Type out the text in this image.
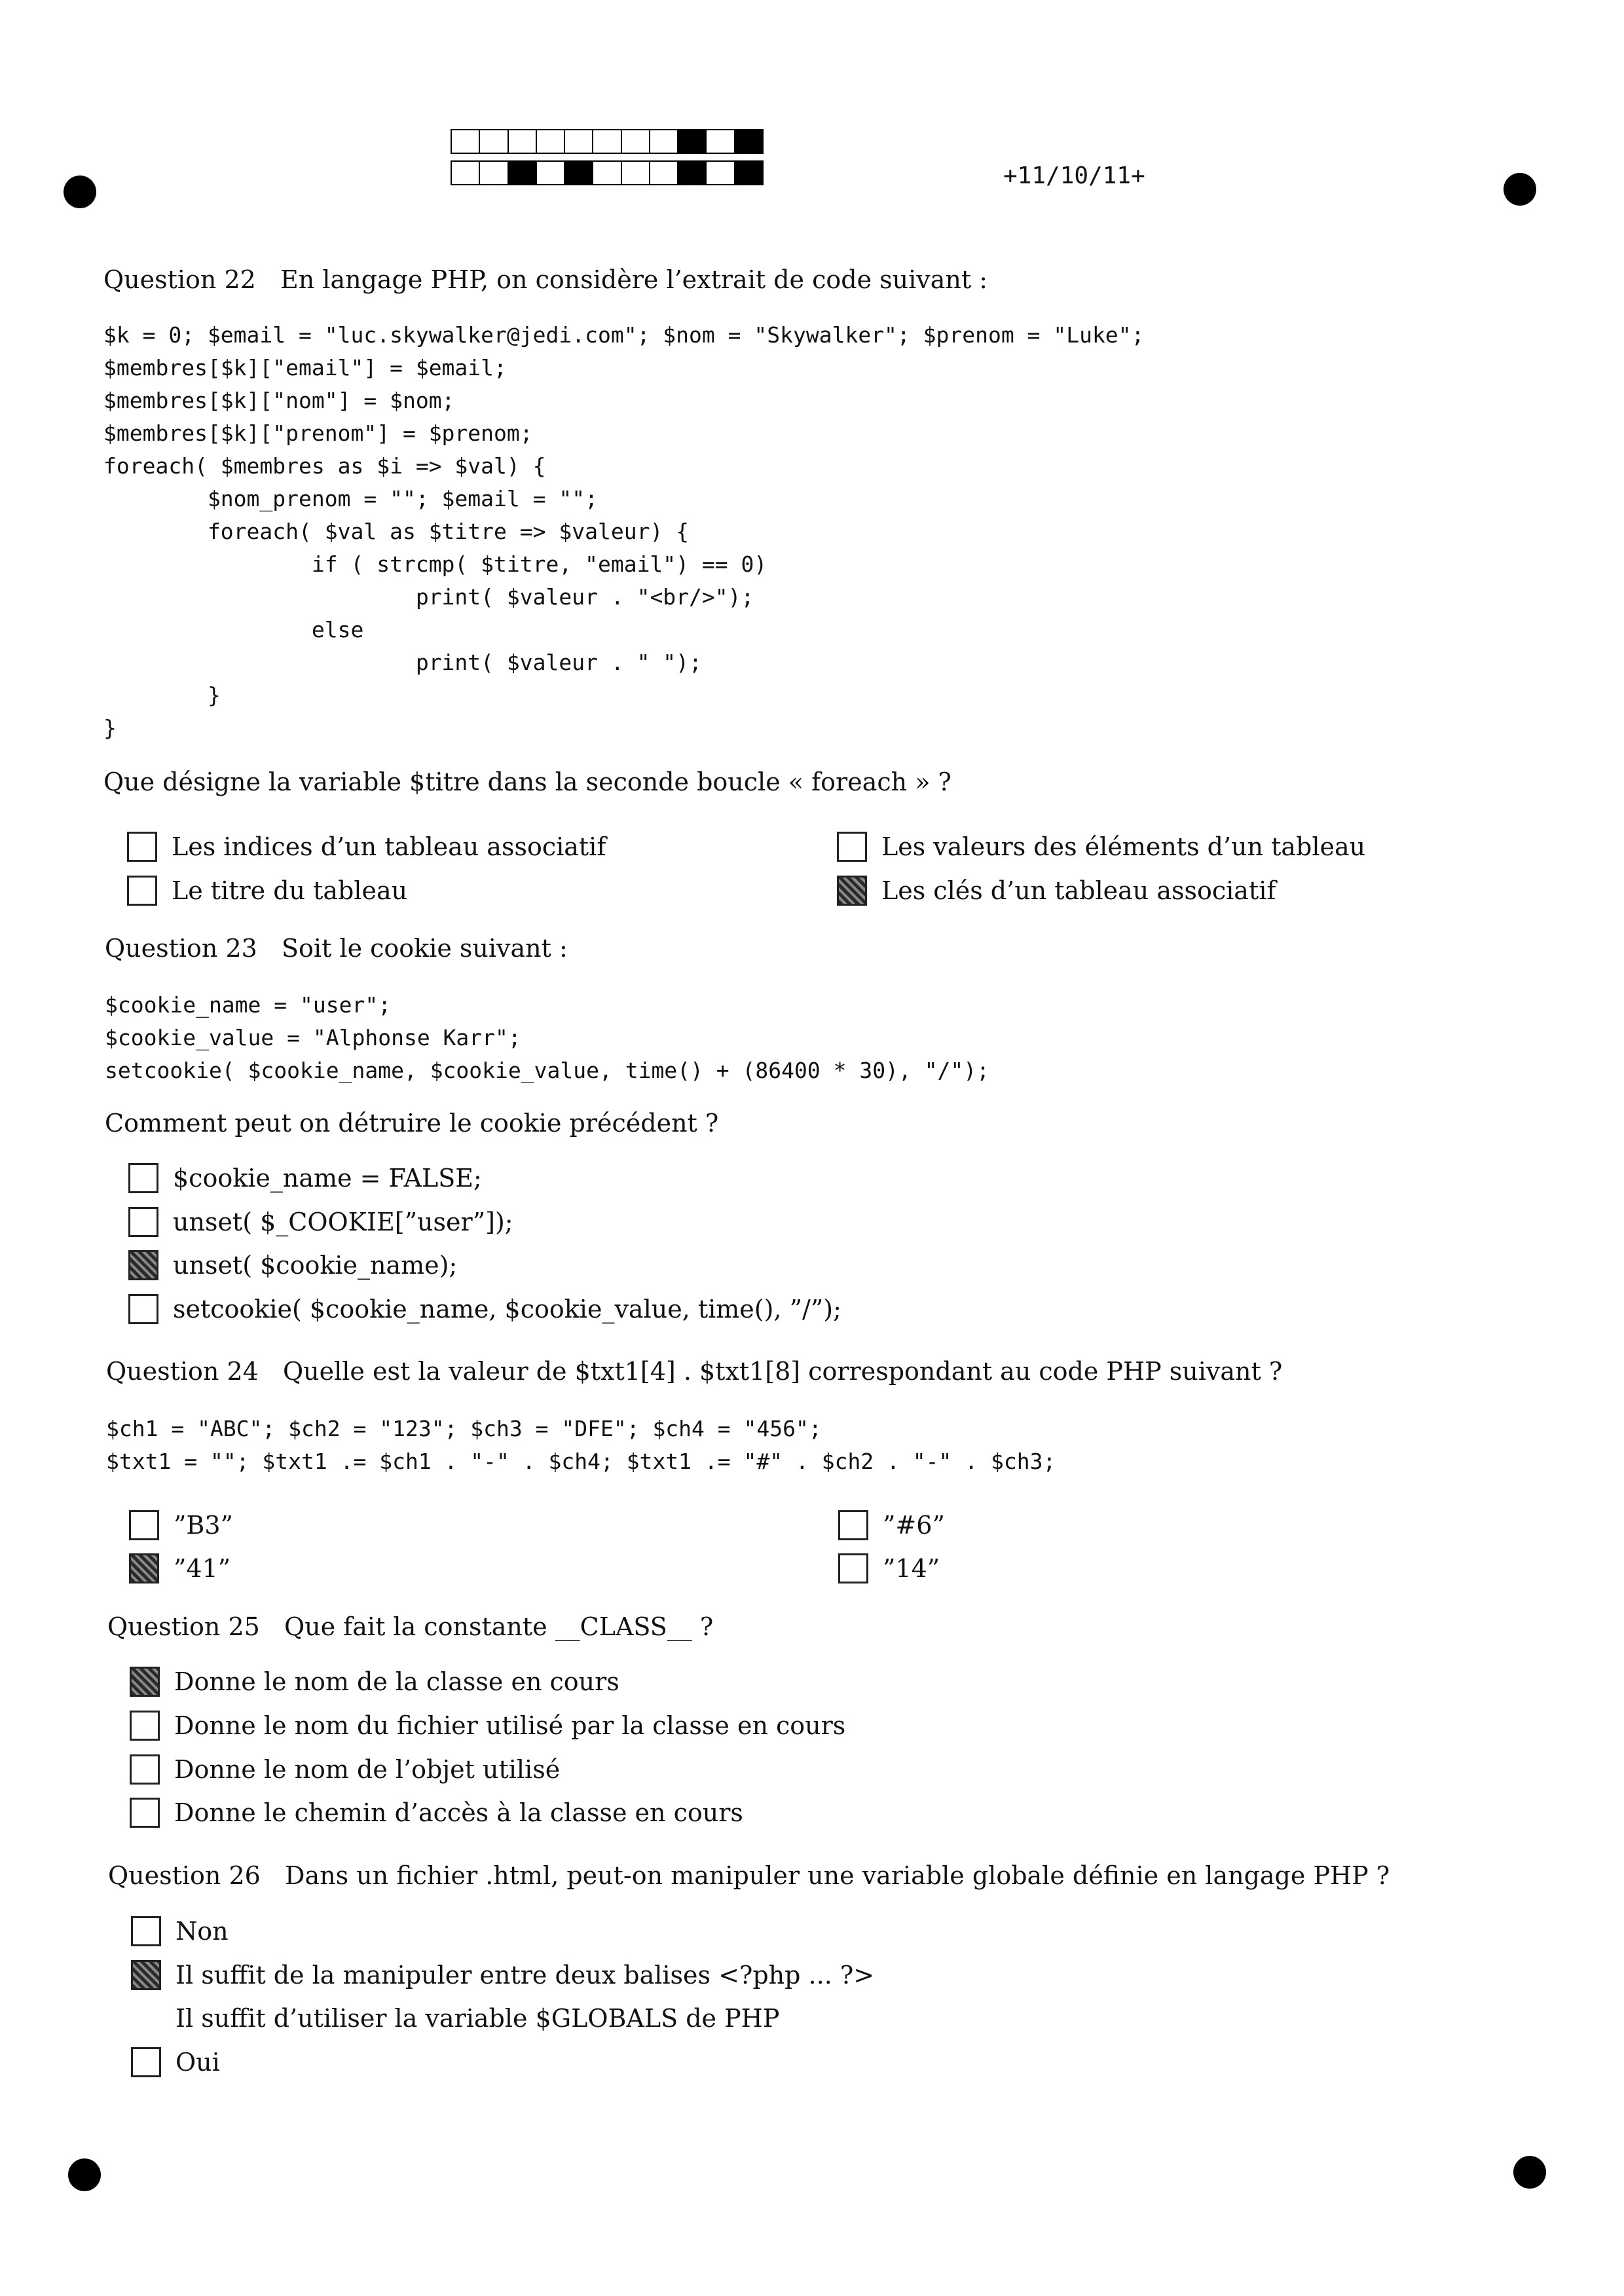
+11/10/11+
Question 22 En langage PHP, on considère l’extrait de code suivant :
$k = 0; $email = "luc.skywalker@jedi.com"; $nom = "Skywalker"; $prenom = "Luke";
$membres[$k]["email"] = $email;
$membres[$k]["nom"] = $nom;
$membres[$k]["prenom"] = $prenom;
foreach( $membres as $i => $val) {
$nom_prenom = ""; $email = "";
foreach( $val as $titre => $valeur) {
if ( strcmp( $titre, "email") == 0)
print( $valeur . "<br/>");
else
print( $valeur . " ");
}
}
Que désigne la variable $titre dans la seconde boucle « foreach » ?
Les indices d’un tableau associatif	Les valeurs des éléments d’un tableau
Le titre du tableau	Les clés d’un tableau associatif
Question 23 Soit le cookie suivant :
$cookie_name = "user";
$cookie_value = "Alphonse Karr";
setcookie( $cookie_name, $cookie_value, time() + (86400 * 30), "/");
Comment peut on détruire le cookie précédent ?
$cookie_name = FALSE;
unset( $_COOKIE[”user”]);
unset( $cookie_name);
setcookie( $cookie_name, $cookie_value, time(), ”/”);
Question 24 Quelle est la valeur de $txt1[4] . $txt1[8] correspondant au code PHP suivant ?
$ch1 = "ABC"; $ch2 = "123"; $ch3 = "DFE"; $ch4 = "456";
$txt1 = ""; $txt1 .= $ch1 . "-" . $ch4; $txt1 .= "#" . $ch2 . "-" . $ch3;
”B3”	”#6”
”41”	”14”
Question 25 Que fait la constante __CLASS__ ?
Donne le nom de la classe en cours
Donne le nom du fichier utilisé par la classe en cours
Donne le nom de l’objet utilisé
Donne le chemin d’accès à la classe en cours
Question 26 Dans un fichier .html, peut-on manipuler une variable globale définie en langage PHP ?
Non
Il suffit de la manipuler entre deux balises <?php ... ?>
Il suffit d’utiliser la variable $GLOBALS de PHP
Oui
